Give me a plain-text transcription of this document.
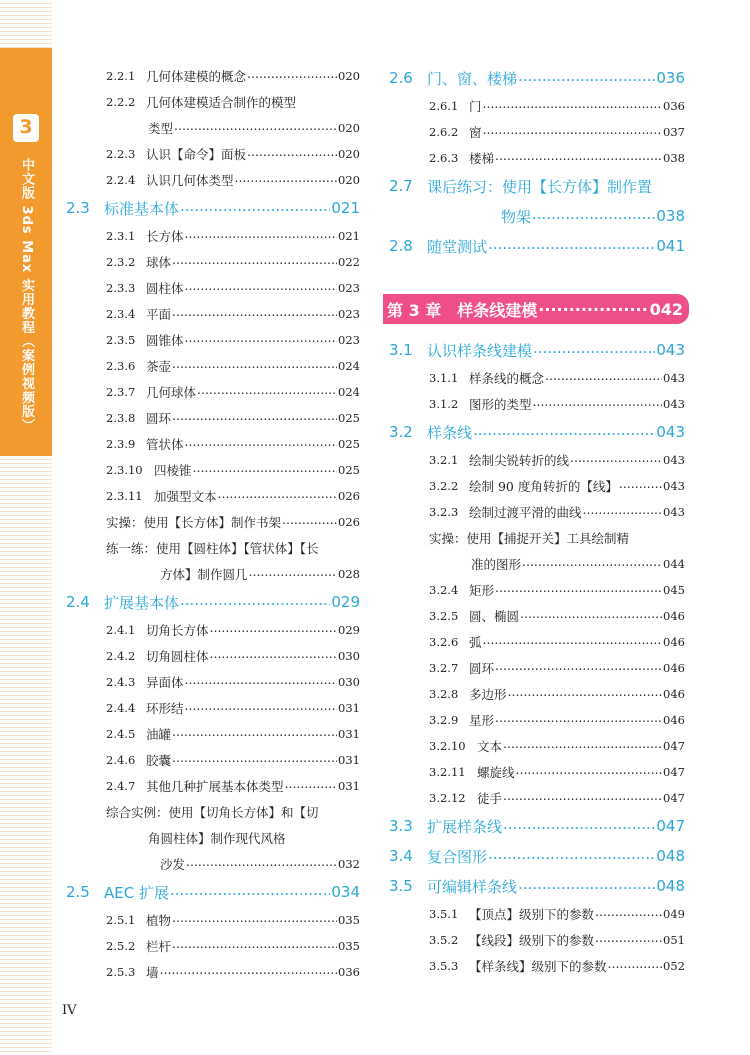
3
中文版 3ds Max 实用教程（案例视频版）
2.2.1 几何体建模的概念 .....	020
2.2.2 几何体建模适合制作的模型
类型 .....	020
2.2.3 认识【命令】面板 .....	020
2.2.4 认识几何体类型 .....	020
2.3 标准基本体 .....	021
2.3.1 长方体 .....	021
2.3.2 球体 .....	022
2.3.3 圆柱体 .....	023
2.3.4 平面 .....	023
2.3.5 圆锥体 .....	023
2.3.6 茶壶 .....	024
2.3.7 几何球体 .....	024
2.3.8 圆环 .....	025
2.3.9 管状体 .....	025
2.3.10 四棱锥 .....	025
2.3.11 加强型文本 .....	026
实操：使用【长方体】制作书架 .....	026
练一练：使用【圆柱体】【管状体】【长
方体】制作圆几 .....	028
2.4 扩展基本体 .....	029
2.4.1 切角长方体 .....	029
2.4.2 切角圆柱体 .....	030
2.4.3 异面体 .....	030
2.4.4 环形结 .....	031
2.4.5 油罐 .....	031
2.4.6 胶囊 .....	031
2.4.7 其他几种扩展基本体类型 .....	031
综合实例：使用【切角长方体】和【切
角圆柱体】制作现代风格
沙发 .....	032
2.5 AEC 扩展 .....	034
2.5.1 植物 .....	035
2.5.2 栏杆 .....	035
2.5.3 墙 .....	036
2.6 门、窗、楼梯 .....	036
2.6.1 门 .....	036
2.6.2 窗 .....	037
2.6.3 楼梯 .....	038
2.7 课后练习：使用【长方体】制作置
物架 .....	038
2.8 随堂测试 .....	041
第 3 章 样条线建模 .....	042
3.1 认识样条线建模 .....	043
3.1.1 样条线的概念 .....	043
3.1.2 图形的类型 .....	043
3.2 样条线 .....	043
3.2.1 绘制尖锐转折的线 .....	043
3.2.2 绘制 90 度角转折的【线】 .....	043
3.2.3 绘制过渡平滑的曲线 .....	043
实操：使用【捕捉开关】工具绘制精
准的图形 .....	044
3.2.4 矩形 .....	045
3.2.5 圆、椭圆 .....	046
3.2.6 弧 .....	046
3.2.7 圆环 .....	046
3.2.8 多边形 .....	046
3.2.9 星形 .....	046
3.2.10 文本 .....	047
3.2.11 螺旋线 .....	047
3.2.12 徒手 .....	047
3.3 扩展样条线 .....	047
3.4 复合图形 .....	048
3.5 可编辑样条线 .....	048
3.5.1 【顶点】级别下的参数 .....	049
3.5.2 【线段】级别下的参数 .....	051
3.5.3 【样条线】级别下的参数 .....	052
IV
